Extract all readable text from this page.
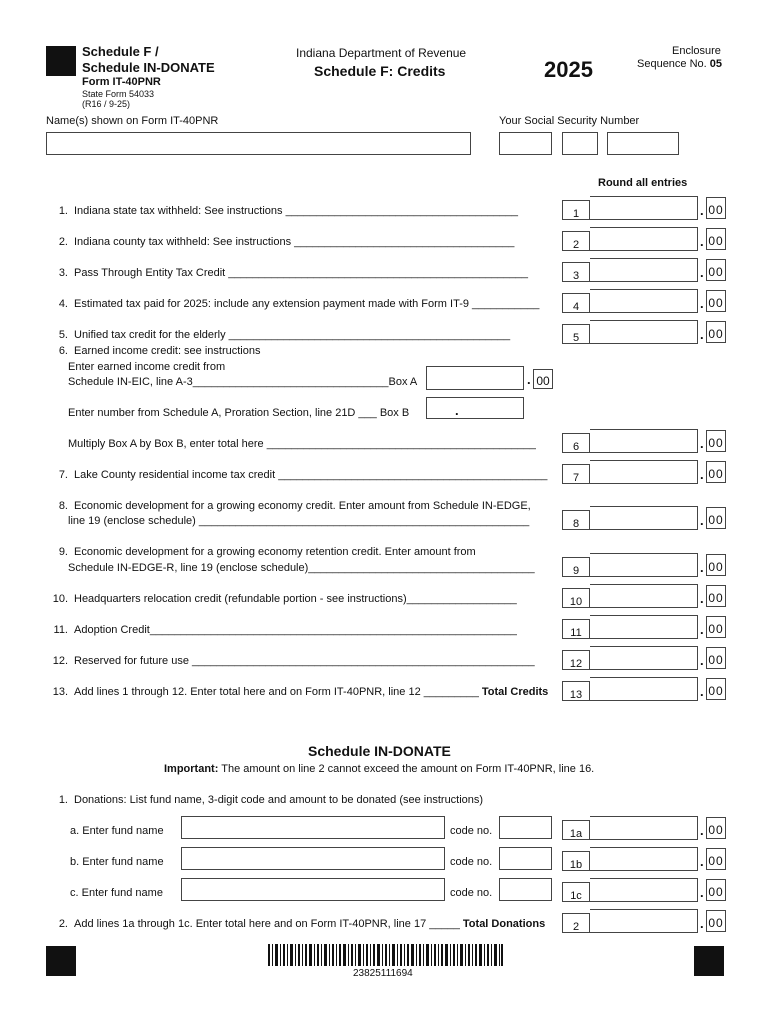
Schedule F /
Schedule IN-DONATE
Form IT-40PNR
State Form 54033
(R16 / 9-25)
Indiana Department of Revenue
Schedule F: Credits	2025
Enclosure
Sequence No. 05
Name(s) shown on Form IT-40PNR	Your Social Security Number
Round all entries
1. Indiana state tax withheld: See instructions ______________________________________	1	. 00
2. Indiana county tax withheld: See instructions ____________________________________	2	. 00
3. Pass Through Entity Tax Credit _________________________________________________	3	. 00
4. Estimated tax paid for 2025: include any extension payment made with Form IT-9 ___________	4	. 00
5. Unified tax credit for the elderly ______________________________________________	5	. 00
6. Earned income credit: see instructions
Enter earned income credit from
Schedule IN-EIC, line A-3________________________________Box A	. 00
Enter number from Schedule A, Proration Section, line 21D ___ Box B	.
Multiply Box A by Box B, enter total here ____________________________________________	6	. 00
7. Lake County residential income tax credit ____________________________________________	7	. 00
8. Economic development for a growing economy credit. Enter amount from Schedule IN-EDGE,
line 19 (enclose schedule) ______________________________________________________	8	. 00
9. Economic development for a growing economy retention credit. Enter amount from
Schedule IN-EDGE-R, line 19 (enclose schedule)_____________________________________	9	. 00
10. Headquarters relocation credit (refundable portion - see instructions)__________________	10	. 00
11. Adoption Credit____________________________________________________________	11	. 00
12. Reserved for future use ________________________________________________________	12	. 00
13. Add lines 1 through 12. Enter total here and on Form IT-40PNR, line 12 _________ Total Credits	13	. 00
Schedule IN-DONATE
Important: The amount on line 2 cannot exceed the amount on Form IT-40PNR, line 16.
1. Donations: List fund name, 3-digit code and amount to be donated (see instructions)
a. Enter fund name	code no.	1a	. 00
b. Enter fund name	code no.	1b	. 00
c. Enter fund name	code no.	1c	. 00
2. Add lines 1a through 1c. Enter total here and on Form IT-40PNR, line 17 _____ Total Donations	2	. 00
23825111694
